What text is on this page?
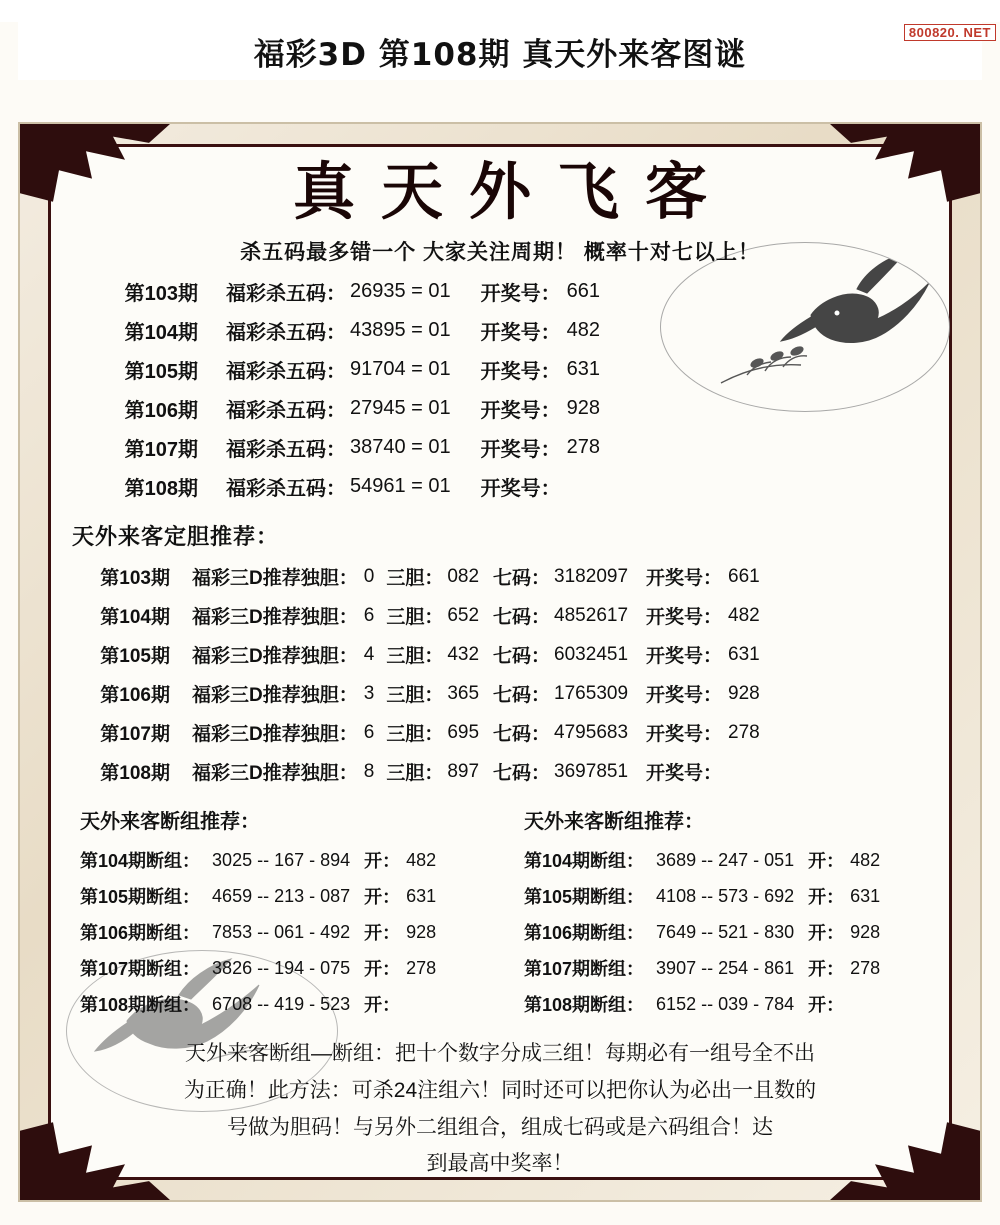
800820. NET
福彩3D 第108期 真天外来客图谜
真天外飞客
杀五码最多错一个 大家关注周期！ 概率十对七以上！
第103期 福彩杀五码： 26935 = 01 开奖号： 661
第104期 福彩杀五码： 43895 = 01 开奖号： 482
第105期 福彩杀五码： 91704 = 01 开奖号： 631
第106期 福彩杀五码： 27945 = 01 开奖号： 928
第107期 福彩杀五码： 38740 = 01 开奖号： 278
第108期 福彩杀五码： 54961 = 01 开奖号：
天外来客定胆推荐：
第103期 福彩三D推荐独胆： 0 三胆： 082 七码： 3182097 开奖号： 661
第104期 福彩三D推荐独胆： 6 三胆： 652 七码： 4852617 开奖号： 482
第105期 福彩三D推荐独胆： 4 三胆： 432 七码： 6032451 开奖号： 631
第106期 福彩三D推荐独胆： 3 三胆： 365 七码： 1765309 开奖号： 928
第107期 福彩三D推荐独胆： 6 三胆： 695 七码： 4795683 开奖号： 278
第108期 福彩三D推荐独胆： 8 三胆： 897 七码： 3697851 开奖号：
天外来客断组推荐：
第104期断组： 3025 -- 167 - 894 开： 482
第105期断组： 4659 -- 213 - 087 开： 631
第106期断组： 7853 -- 061 - 492 开： 928
第107期断组： 3826 -- 194 - 075 开： 278
第108期断组： 6708 -- 419 - 523 开：
天外来客断组推荐：
第104期断组： 3689 -- 247 - 051 开： 482
第105期断组： 4108 -- 573 - 692 开： 631
第106期断组： 7649 -- 521 - 830 开： 928
第107期断组： 3907 -- 254 - 861 开： 278
第108期断组： 6152 -- 039 - 784 开：
天外来客断组—断组：把十个数字分成三组！每期必有一组号全不出
为正确！此方法：可杀24注组六！同时还可以把你认为必出一且数的
号做为胆码！与另外二组组合，组成七码或是六码组合！达
到最高中奖率！
